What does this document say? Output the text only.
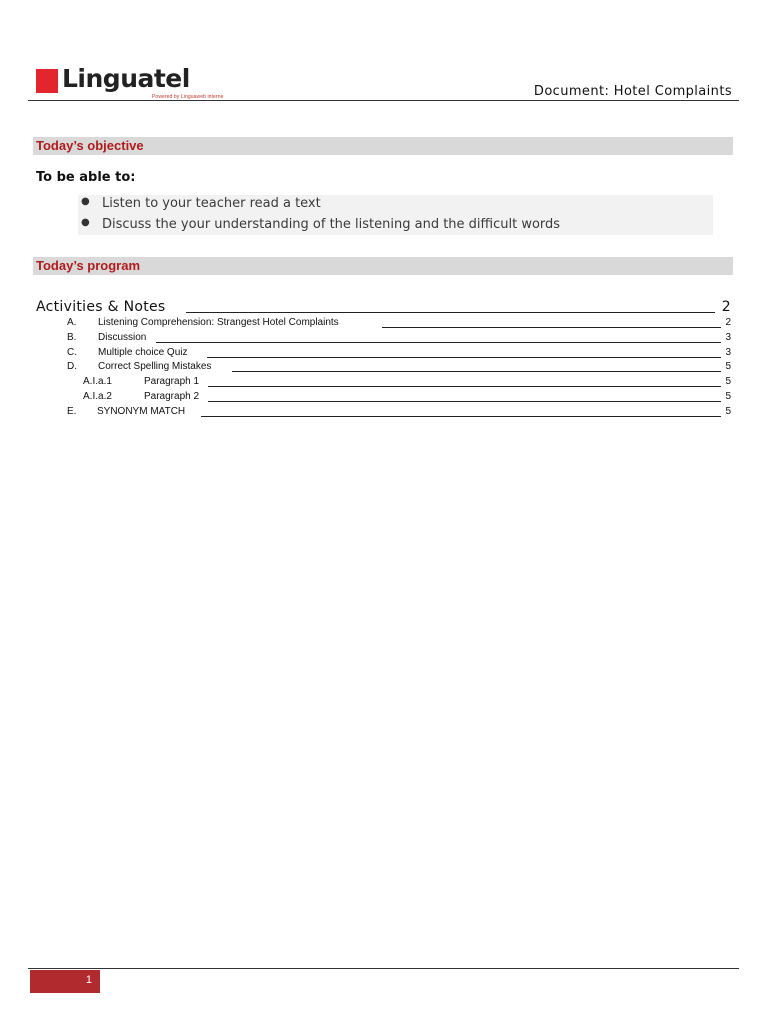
Linguatel
Powered by Linguaweb interne	Document: Hotel Complaints
Today’s objective
To be able to:
● Listen to your teacher read a text
● Discuss the your understanding of the listening and the difficult words
Today’s program
Activities & Notes	2
A. Listening Comprehension: Strangest Hotel Complaints	2
B. Discussion	3
C. Multiple choice Quiz	3
D. Correct Spelling Mistakes	5
A.I.a.1	Paragraph 1	5
A.I.a.2	Paragraph 2	5
E. SYNONYM MATCH	5
1
